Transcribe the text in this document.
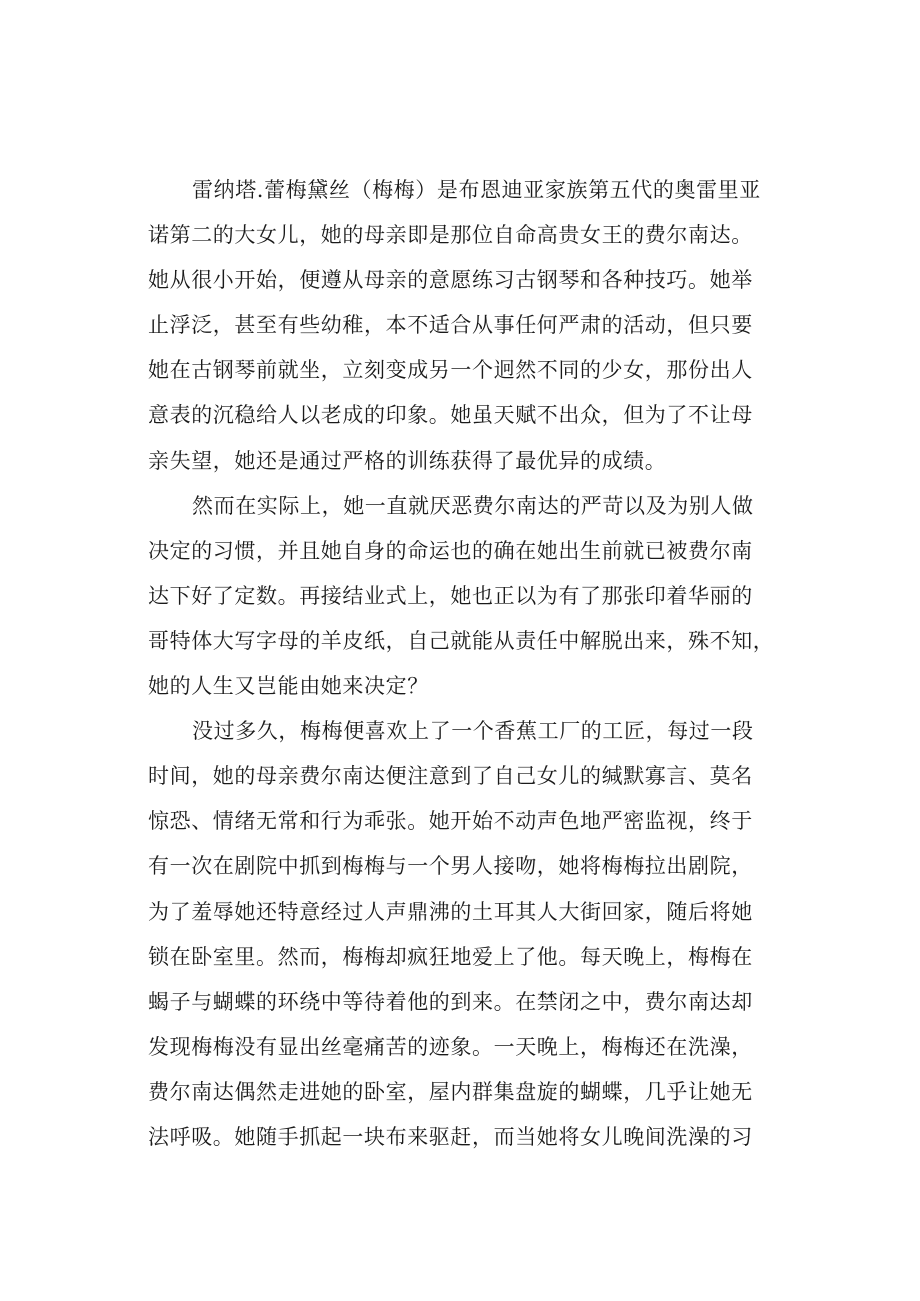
雷纳塔.蕾梅黛丝（梅梅）是布恩迪亚家族第五代的奥雷里亚
诺第二的大女儿，她的母亲即是那位自命高贵女王的费尔南达。
她从很小开始，便遵从母亲的意愿练习古钢琴和各种技巧。她举
止浮泛，甚至有些幼稚，本不适合从事任何严肃的活动，但只要
她在古钢琴前就坐，立刻变成另一个迥然不同的少女，那份出人
意表的沉稳给人以老成的印象。她虽天赋不出众，但为了不让母
亲失望，她还是通过严格的训练获得了最优异的成绩。
然而在实际上，她一直就厌恶费尔南达的严苛以及为别人做
决定的习惯，并且她自身的命运也的确在她出生前就已被费尔南
达下好了定数。再接结业式上，她也正以为有了那张印着华丽的
哥特体大写字母的羊皮纸，自己就能从责任中解脱出来，殊不知，
她的人生又岂能由她来决定？
没过多久，梅梅便喜欢上了一个香蕉工厂的工匠，每过一段
时间，她的母亲费尔南达便注意到了自己女儿的缄默寡言、莫名
惊恐、情绪无常和行为乖张。她开始不动声色地严密监视，终于
有一次在剧院中抓到梅梅与一个男人接吻，她将梅梅拉出剧院，
为了羞辱她还特意经过人声鼎沸的土耳其人大街回家，随后将她
锁在卧室里。然而，梅梅却疯狂地爱上了他。每天晚上，梅梅在
蝎子与蝴蝶的环绕中等待着他的到来。在禁闭之中，费尔南达却
发现梅梅没有显出丝毫痛苦的迹象。一天晚上，梅梅还在洗澡，
费尔南达偶然走进她的卧室，屋内群集盘旋的蝴蝶，几乎让她无
法呼吸。她随手抓起一块布来驱赶，而当她将女儿晚间洗澡的习
